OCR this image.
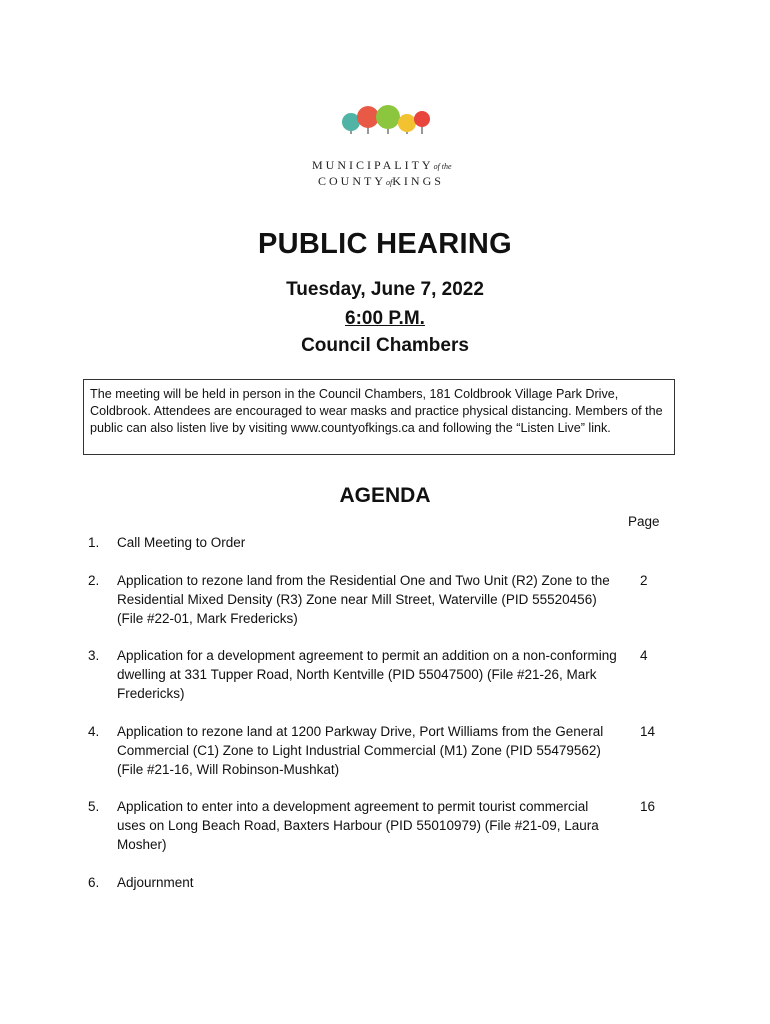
MUNICIPALITYof the
COUNTYofKINGS
PUBLIC HEARING
Tuesday, June 7, 2022
6:00 P.M.
Council Chambers
The meeting will be held in person in the Council Chambers, 181 Coldbrook Village Park Drive, Coldbrook. Attendees are encouraged to wear masks and practice physical distancing. Members of the public can also listen live by visiting www.countyofkings.ca and following the “Listen Live” link.
AGENDA
Page
1. Call Meeting to Order
2. Application to rezone land from the Residential One and Two Unit (R2) Zone to the Residential Mixed Density (R3) Zone near Mill Street, Waterville (PID 55520456) (File #22-01, Mark Fredericks)
2
3. Application for a development agreement to permit an addition on a non-conforming dwelling at 331 Tupper Road, North Kentville (PID 55047500) (File #21-26, Mark Fredericks)
4
4. Application to rezone land at 1200 Parkway Drive, Port Williams from the General Commercial (C1) Zone to Light Industrial Commercial (M1) Zone (PID 55479562) (File #21-16, Will Robinson-Mushkat)
14
5. Application to enter into a development agreement to permit tourist commercial uses on Long Beach Road, Baxters Harbour (PID 55010979) (File #21-09, Laura Mosher)
16
6. Adjournment
